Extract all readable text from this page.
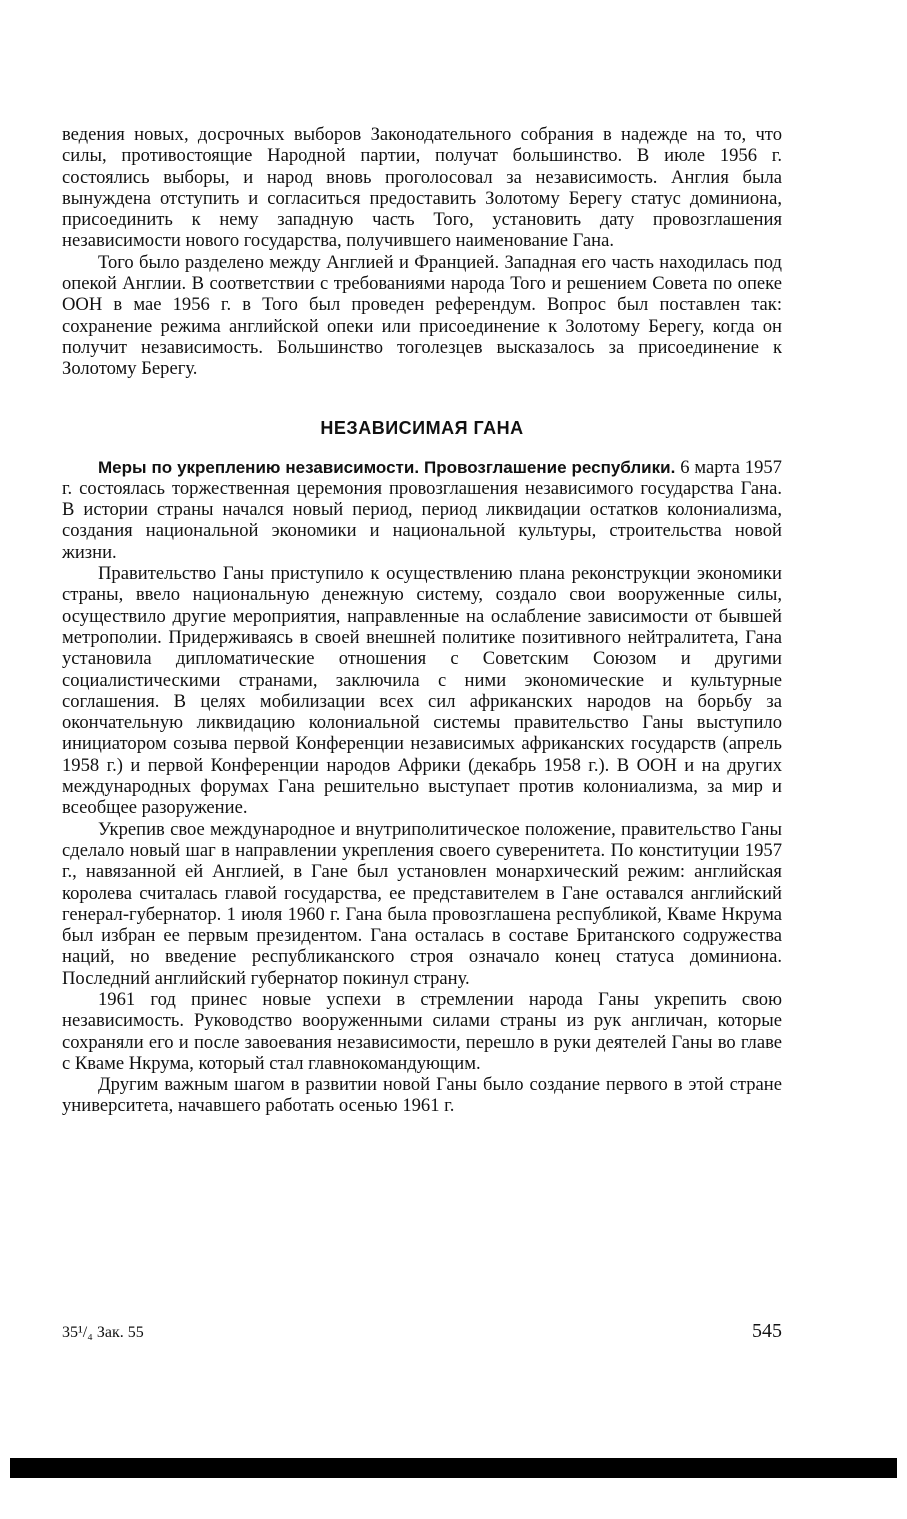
ведения новых, досрочных выборов Законодательного собрания в надежде на то, что силы, противостоящие Народной партии, получат большинство. В июле 1956 г. состоялись выборы, и народ вновь проголосовал за независимость. Англия была вынуждена отступить и согласиться предоставить Золотому Берегу статус доминиона, присоединить к нему западную часть Того, установить дату провозглашения независимости нового государства, получившего наименование Гана.

Того было разделено между Англией и Францией. Западная его часть находилась под опекой Англии. В соответствии с требованиями народа Того и решением Совета по опеке ООН в мае 1956 г. в Того был проведен референдум. Вопрос был поставлен так: сохранение режима английской опеки или присоединение к Золотому Берегу, когда он получит независимость. Большинство тоголезцев высказалось за присоединение к Золотому Берегу.

НЕЗАВИСИМАЯ ГАНА

Меры по укреплению независимости. Провозглашение республики. 6 марта 1957 г. состоялась торжественная церемония провозглашения независимого государства Гана. В истории страны начался новый период, период ликвидации остатков колониализма, создания национальной экономики и национальной культуры, строительства новой жизни.

Правительство Ганы приступило к осуществлению плана реконструкции экономики страны, ввело национальную денежную систему, создало свои вооруженные силы, осуществило другие мероприятия, направленные на ослабление зависимости от бывшей метрополии. Придерживаясь в своей внешней политике позитивного нейтралитета, Гана установила дипломатические отношения с Советским Союзом и другими социалистическими странами, заключила с ними экономические и культурные соглашения. В целях мобилизации всех сил африканских народов на борьбу за окончательную ликвидацию колониальной системы правительство Ганы выступило инициатором созыва первой Конференции независимых африканских государств (апрель 1958 г.) и первой Конференции народов Африки (декабрь 1958 г.). В ООН и на других международных форумах Гана решительно выступает против колониализма, за мир и всеобщее разоружение.

Укрепив свое международное и внутриполитическое положение, правительство Ганы сделало новый шаг в направлении укрепления своего суверенитета. По конституции 1957 г., навязанной ей Англией, в Гане был установлен монархический режим: английская королева считалась главой государства, ее представителем в Гане оставался английский генерал-губернатор. 1 июля 1960 г. Гана была провозглашена республикой, Кваме Нкрума был избран ее первым президентом. Гана осталась в составе Британского содружества наций, но введение республиканского строя означало конец статуса доминиона. Последний английский губернатор покинул страну.

1961 год принес новые успехи в стремлении народа Ганы укрепить свою независимость. Руководство вооруженными силами страны из рук англичан, которые сохраняли его и после завоевания независимости, перешло в руки деятелей Ганы во главе с Кваме Нкрума, который стал главнокомандующим.

Другим важным шагом в развитии новой Ганы было создание первого в этой стране университета, начавшего работать осенью 1961 г.

35¹/₄ Зак. 55	545
